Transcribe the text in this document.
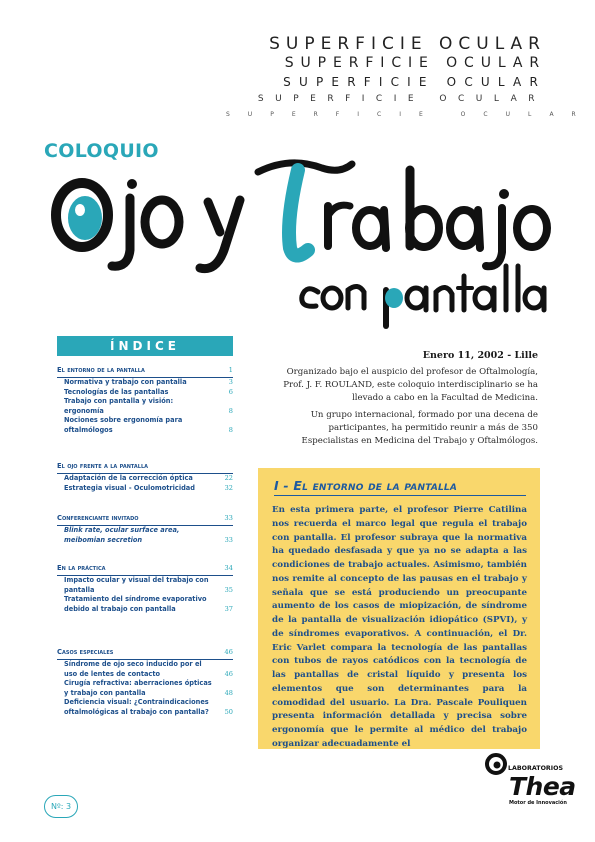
SUPERFICIE OCULAR
SUPERFICIE OCULAR
SUPERFICIE OCULAR
SUPERFICIE OCULAR
SUPERFICIE OCULAR
COLOQUIO
Enero 11, 2002 - Lille

Organizado bajo el auspicio del profesor de Oftalmología, Prof. J. F. ROULAND, este coloquio interdisciplinario se ha llevado a cabo en la Facultad de Medicina.

Un grupo internacional, formado por una decena de participantes, ha permitido reunir a más de 350 Especialistas en Medicina del Trabajo y Oftalmólogos.

ÍNDICE
El entorno de la pantalla	1
Normativa y trabajo con pantalla	3
Tecnologías de las pantallas	6
Trabajo con pantalla y visión: ergonomía	8
Nociones sobre ergonomía para oftalmólogos	8
El ojo frente a la pantalla
Adaptación de la corrección óptica	22
Estrategia visual - Oculomotricidad	32
Conferenciante invitado	33
Blink rate, ocular surface area, meibomian secretion	33
En la práctica	34
Impacto ocular y visual del trabajo con pantalla	35
Tratamiento del síndrome evaporativo debido al trabajo con pantalla	37
Casos especiales	46
Síndrome de ojo seco inducido por el uso de lentes de contacto	46
Cirugía refractiva: aberraciones ópticas y trabajo con pantalla	48
Deficiencia visual: ¿Contraindicaciones oftalmológicas al trabajo con pantalla? 50
I - El entorno de la pantalla
En esta primera parte, el profesor Pierre Catilina nos recuerda el marco legal que regula el trabajo con pantalla. El profesor subraya que la normativa ha quedado desfasada y que ya no se adapta a las condiciones de trabajo actuales. Asimismo, también nos remite al concepto de las pausas en el trabajo y señala que se está produciendo un preocupante aumento de los casos de miopización, de síndrome de la pantalla de visualización idiopático (SPVI), y de síndromes evaporativos. A continuación, el Dr. Eric Varlet compara la tecnología de las pantallas con tubos de rayos catódicos con la tecnología de las pantallas de cristal líquido y presenta los elementos que son determinantes para la comodidad del usuario. La Dra. Pascale Pouliquen presenta información detallada y precisa sobre ergonomía que le permite al médico del trabajo organizar adecuadamente el
Nº: 3
LABORATORIOS
Thea
Motor de Innovación
